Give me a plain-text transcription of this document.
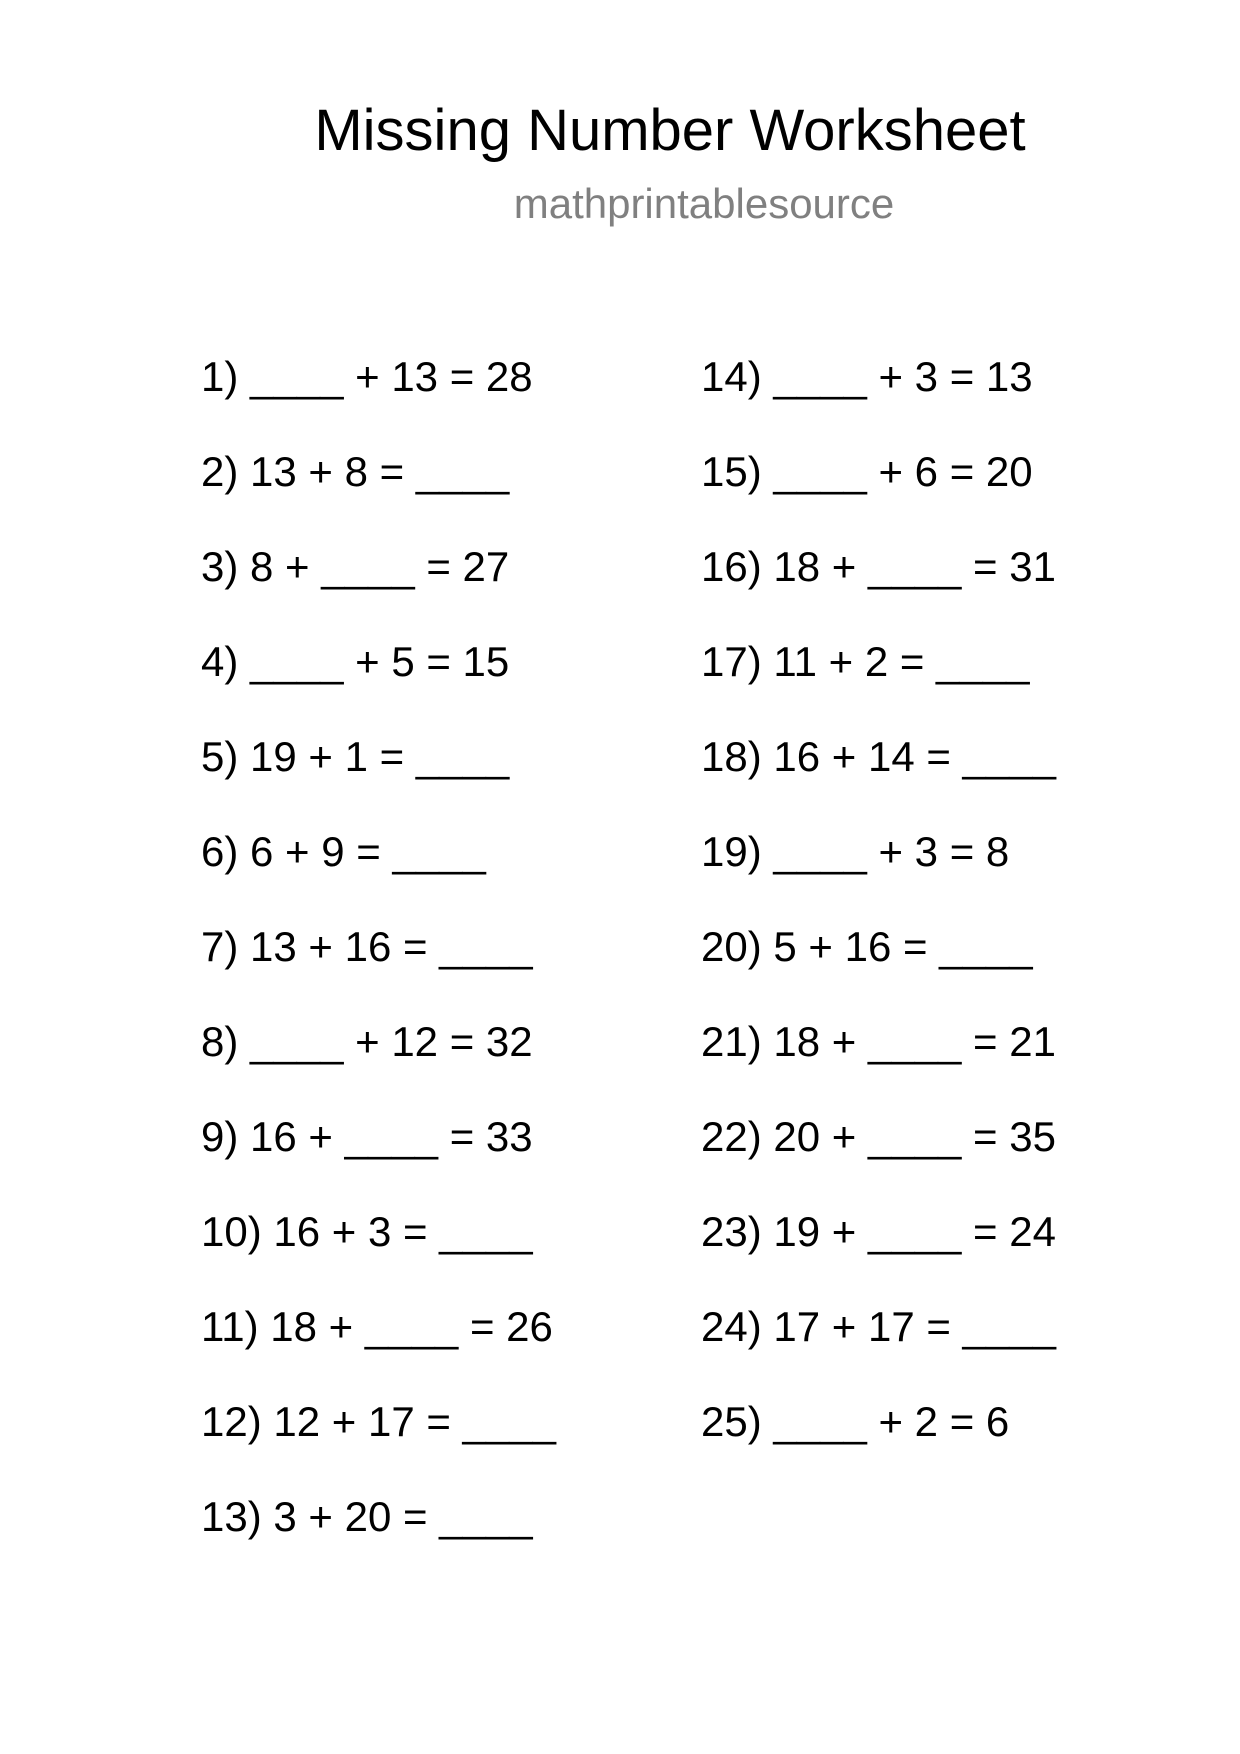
Missing Number Worksheet
mathprintablesource
1) ____ + 13 = 28
2) 13 + 8 = ____
3) 8 + ____ = 27
4) ____ + 5 = 15
5) 19 + 1 = ____
6) 6 + 9 = ____
7) 13 + 16 = ____
8) ____ + 12 = 32
9) 16 + ____ = 33
10) 16 + 3 = ____
11) 18 + ____ = 26
12) 12 + 17 = ____
13) 3 + 20 = ____
14) ____ + 3 = 13
15) ____ + 6 = 20
16) 18 + ____ = 31
17) 11 + 2 = ____
18) 16 + 14 = ____
19) ____ + 3 = 8
20) 5 + 16 = ____
21) 18 + ____ = 21
22) 20 + ____ = 35
23) 19 + ____ = 24
24) 17 + 17 = ____
25) ____ + 2 = 6
